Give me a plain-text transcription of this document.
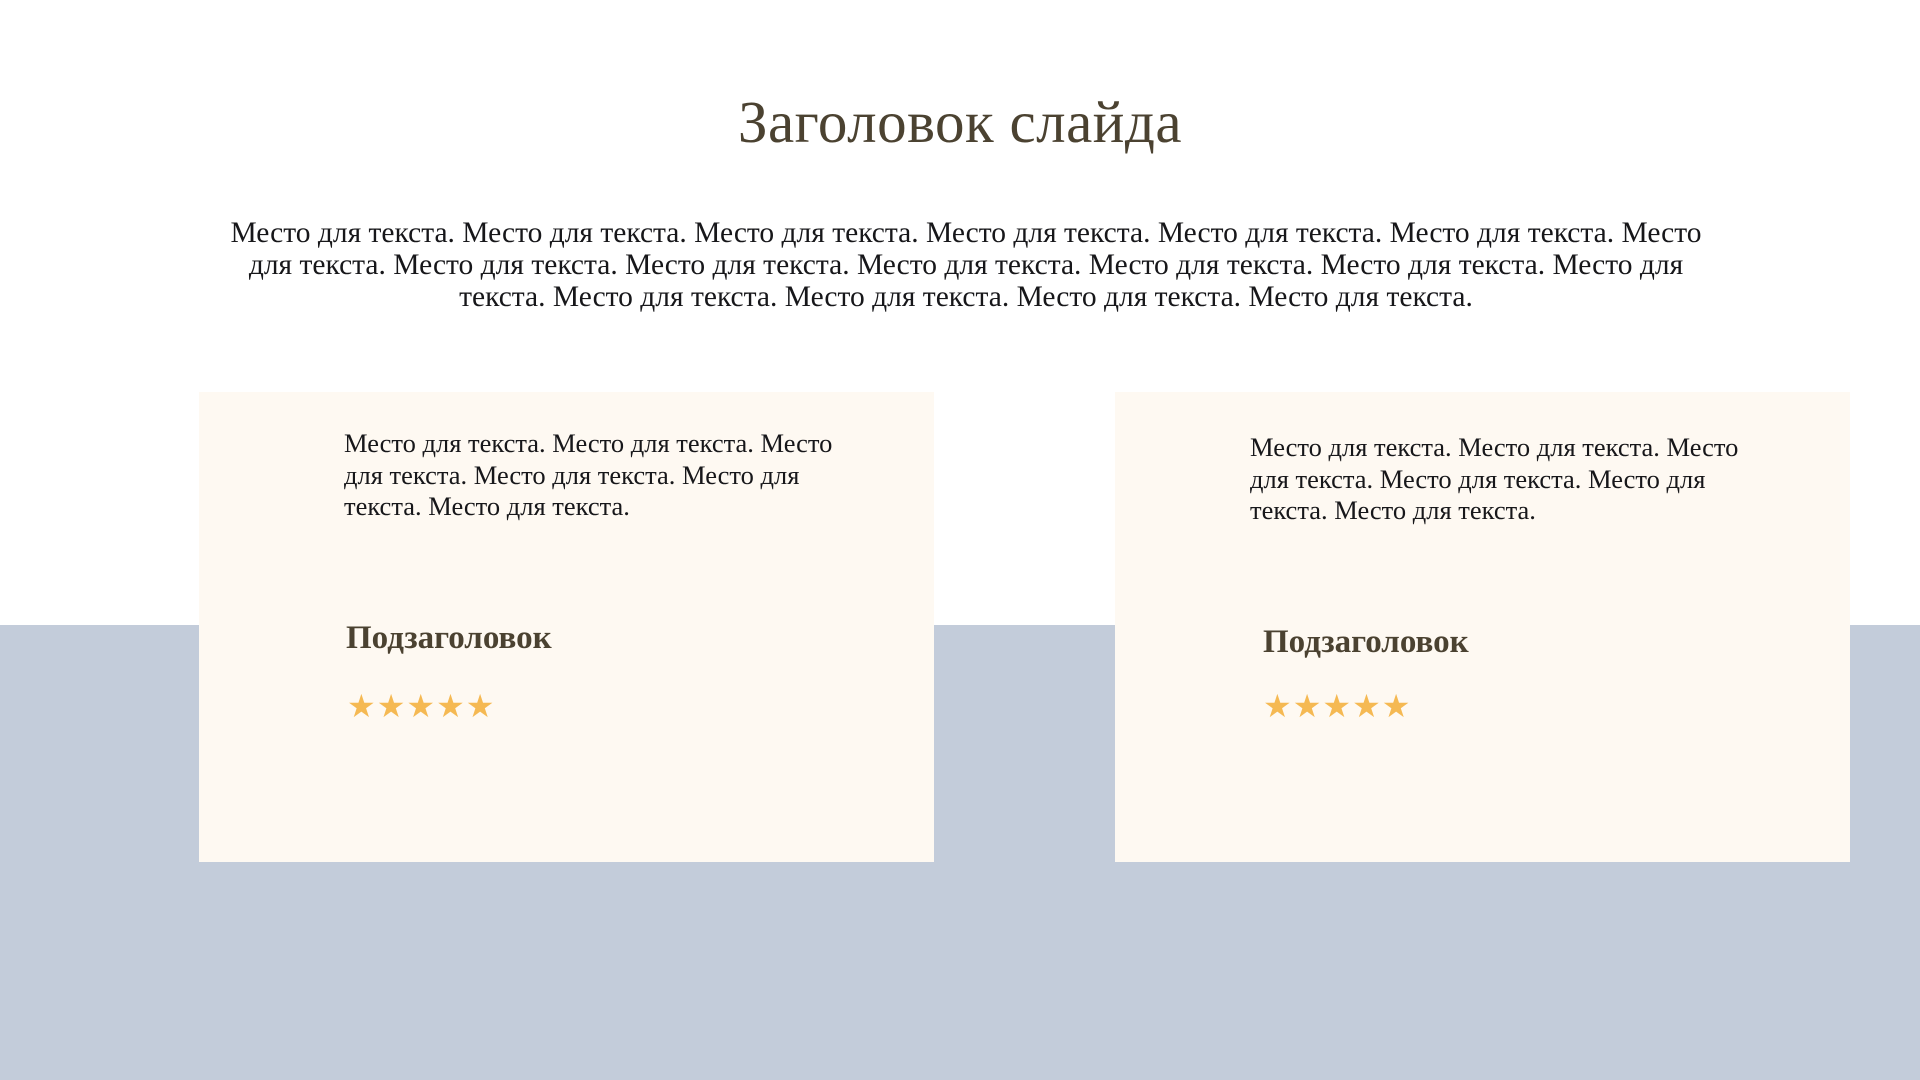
Заголовок слайда
Место для текста. Место для текста. Место для текста. Место для текста. Место для текста. Место для текста. Место для текста. Место для текста. Место для текста. Место для текста. Место для текста. Место для текста. Место для текста. Место для текста. Место для текста. Место для текста. Место для текста.
Место для текста. Место для текста. Место для текста. Место для текста. Место для текста. Место для текста.
Подзаголовок
★★★★★
Место для текста. Место для текста. Место для текста. Место для текста. Место для текста. Место для текста.
Подзаголовок
★★★★★
